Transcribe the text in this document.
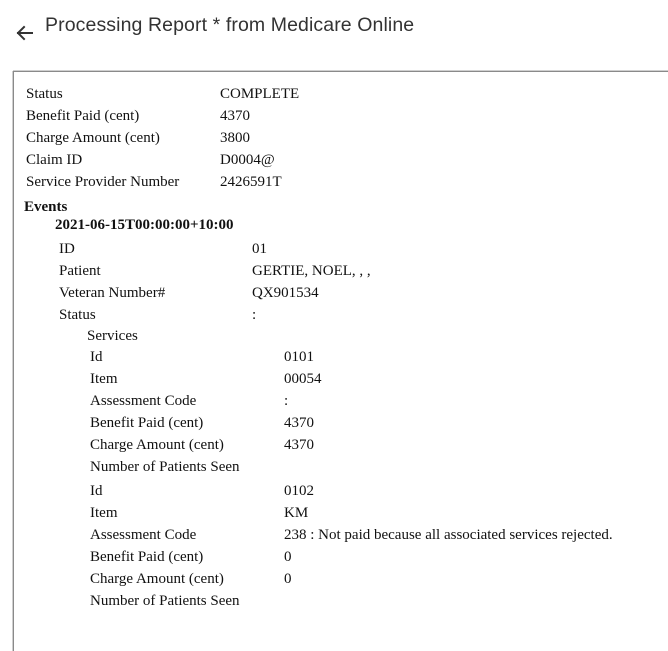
Processing Report * from Medicare Online
Status	COMPLETE
Benefit Paid (cent)	4370
Charge Amount (cent)	3800
Claim ID	D0004@
Service Provider Number	2426591T
Events
2021-06-15T00:00:00+10:00
ID	01
Patient	GERTIE, NOEL, , ,
Veteran Number#	QX901534
Status	:
Services
Id	0101
Item	00054
Assessment Code	:
Benefit Paid (cent)	4370
Charge Amount (cent)	4370
Number of Patients Seen
Id	0102
Item	KM
Assessment Code	238 : Not paid because all associated services rejected.
Benefit Paid (cent)	0
Charge Amount (cent)	0
Number of Patients Seen
